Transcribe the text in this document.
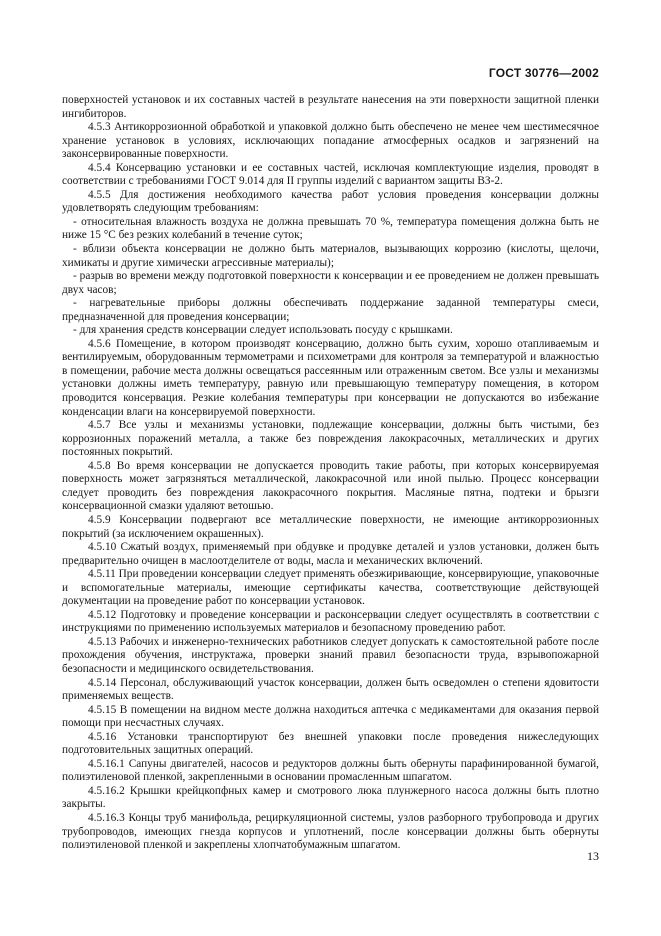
ГОСТ 30776—2002

поверхностей установок и их составных частей в результате нанесения на эти поверхности защитной пленки ингибиторов.

4.5.3 Антикоррозионной обработкой и упаковкой должно быть обеспечено не менее чем шестимесячное хранение установок в условиях, исключающих попадание атмосферных осадков и загрязнений на законсервированные поверхности.

4.5.4 Консервацию установки и ее составных частей, исключая комплектующие изделия, проводят в соответствии с требованиями ГОСТ 9.014 для II группы изделий с вариантом защиты ВЗ-2.

4.5.5 Для достижения необходимого качества работ условия проведения консервации должны удовлетворять следующим требованиям:

- относительная влажность воздуха не должна превышать 70 %, температура помещения должна быть не ниже 15 °С без резких колебаний в течение суток;

- вблизи объекта консервации не должно быть материалов, вызывающих коррозию (кислоты, щелочи, химикаты и другие химически агрессивные материалы);

- разрыв во времени между подготовкой поверхности к консервации и ее проведением не должен превышать двух часов;

- нагревательные приборы должны обеспечивать поддержание заданной температуры смеси, предназначенной для проведения консервации;

- для хранения средств консервации следует использовать посуду с крышками.

4.5.6 Помещение, в котором производят консервацию, должно быть сухим, хорошо отапливаемым и вентилируемым, оборудованным термометрами и психометрами для контроля за температурой и влажностью в помещении, рабочие места должны освещаться рассеянным или отраженным светом. Все узлы и механизмы установки должны иметь температуру, равную или превышающую температуру помещения, в котором проводится консервация. Резкие колебания температуры при консервации не допускаются во избежание конденсации влаги на консервируемой поверхности.

4.5.7 Все узлы и механизмы установки, подлежащие консервации, должны быть чистыми, без коррозионных поражений металла, а также без повреждения лакокрасочных, металлических и других постоянных покрытий.

4.5.8 Во время консервации не допускается проводить такие работы, при которых консервируемая поверхность может загрязняться металлической, лакокрасочной или иной пылью. Процесс консервации следует проводить без повреждения лакокрасочного покрытия. Масляные пятна, подтеки и брызги консервационной смазки удаляют ветошью.

4.5.9 Консервации подвергают все металлические поверхности, не имеющие антикоррозионных покрытий (за исключением окрашенных).

4.5.10 Сжатый воздух, применяемый при обдувке и продувке деталей и узлов установки, должен быть предварительно очищен в маслоотделителе от воды, масла и механических включений.

4.5.11 При проведении консервации следует применять обезжиривающие, консервирующие, упаковочные и вспомогательные материалы, имеющие сертификаты качества, соответствующие действующей документации на проведение работ по консервации установок.

4.5.12 Подготовку и проведение консервации и расконсервации следует осуществлять в соответствии с инструкциями по применению используемых материалов и безопасному проведению работ.

4.5.13 Рабочих и инженерно-технических работников следует допускать к самостоятельной работе после прохождения обучения, инструктажа, проверки знаний правил безопасности труда, взрывопожарной безопасности и медицинского освидетельствования.

4.5.14 Персонал, обслуживающий участок консервации, должен быть осведомлен о степени ядовитости применяемых веществ.

4.5.15 В помещении на видном месте должна находиться аптечка с медикаментами для оказания первой помощи при несчастных случаях.

4.5.16 Установки транспортируют без внешней упаковки после проведения нижеследующих подготовительных защитных операций.

4.5.16.1 Сапуны двигателей, насосов и редукторов должны быть обернуты парафинированной бумагой, полиэтиленовой пленкой, закрепленными в основании промасленным шпагатом.

4.5.16.2 Крышки крейцкопфных камер и смотрового люка плунжерного насоса должны быть плотно закрыты.

4.5.16.3 Концы труб манифольда, рециркуляционной системы, узлов разборного трубопровода и других трубопроводов, имеющих гнезда корпусов и уплотнений, после консервации должны быть обернуты полиэтиленовой пленкой и закреплены хлопчатобумажным шпагатом.

13
